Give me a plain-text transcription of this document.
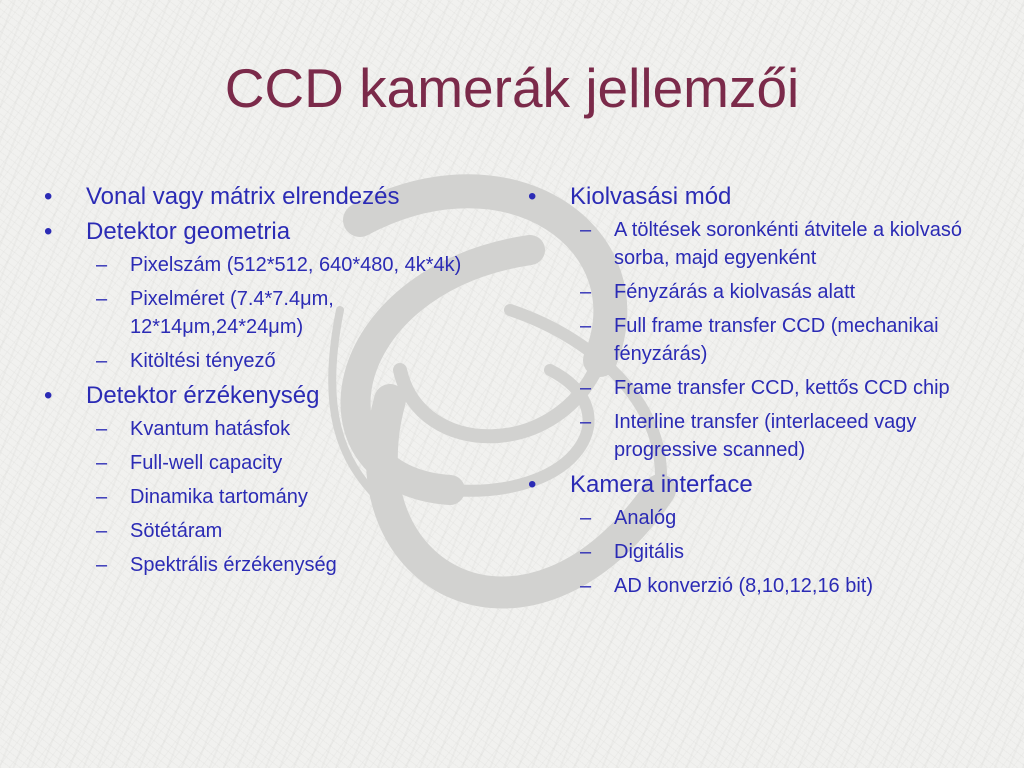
CCD kamerák jellemzői
• Vonal vagy mátrix elrendezés
• Detektor geometria
– Pixelszám (512*512, 640*480, 4k*4k)
– Pixelméret (7.4*7.4μm, 12*14μm,24*24μm)
– Kitöltési tényező
• Detektor érzékenység
– Kvantum hatásfok
– Full-well capacity
– Dinamika tartomány
– Sötétáram
– Spektrális érzékenység
• Kiolvasási mód
– A töltések soronkénti átvitele a kiolvasó sorba, majd egyenként
– Fényzárás a kiolvasás alatt
– Full frame transfer CCD (mechanikai fényzárás)
– Frame transfer CCD, kettős CCD chip
– Interline transfer (interlaceed vagy progressive scanned)
• Kamera interface
– Analóg
– Digitális
– AD konverzió (8,10,12,16 bit)
